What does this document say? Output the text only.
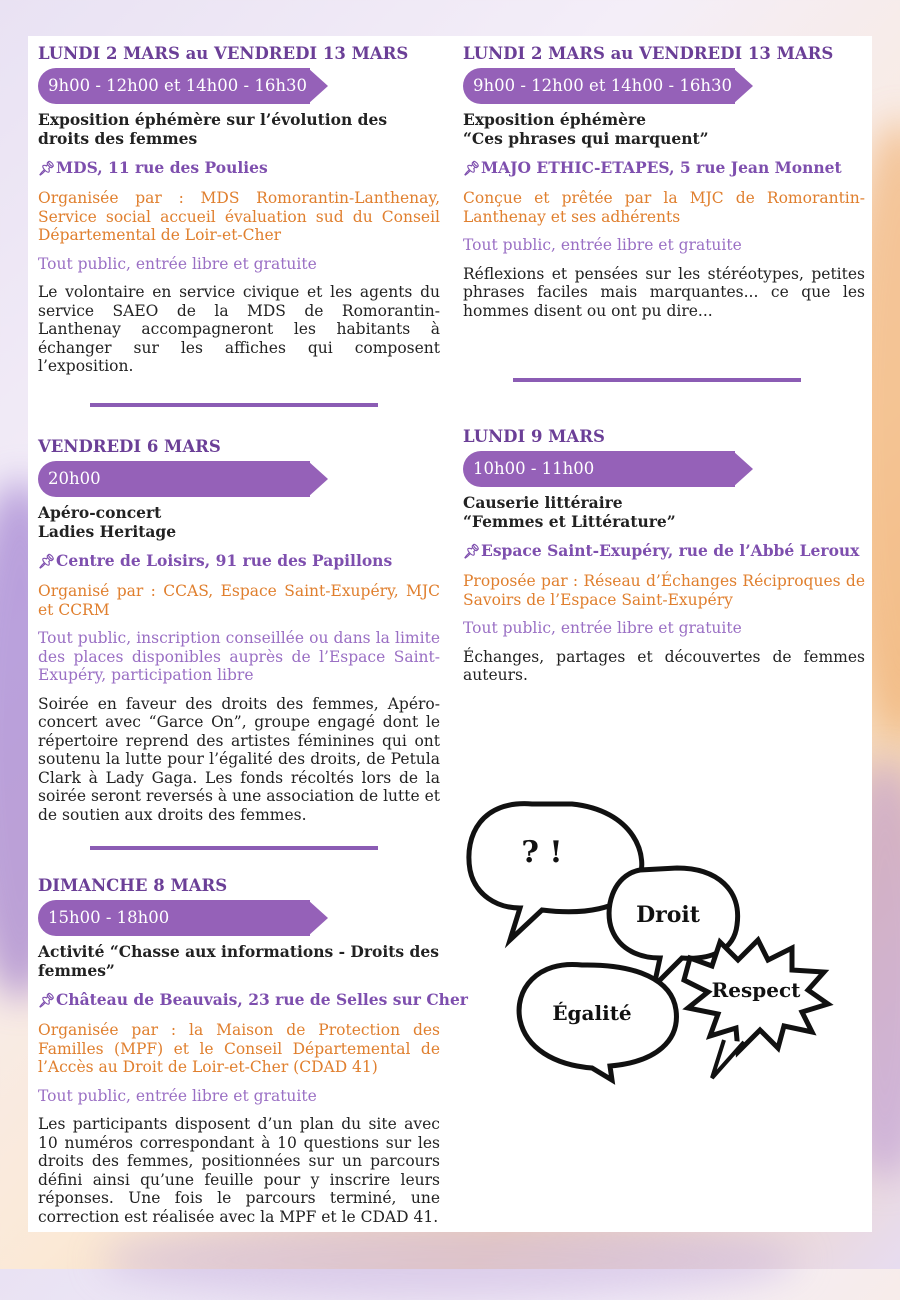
LUNDI 2 MARS au VENDREDI 13 MARS

9h00 - 12h00 et 14h00 - 16h30
Exposition éphémère sur l’évolution des droits des femmes
📌︎MDS, 11 rue des Poulies
Organisée par : MDS Romorantin-Lanthenay, Service social accueil évaluation sud du Conseil Départemental de Loir-et-Cher
Tout public, entrée libre et gratuite
Le volontaire en service civique et les agents du service SAEO de la MDS de Romorantin-Lanthenay accompagneront les habitants à échanger sur les affiches qui composent l’exposition.

VENDREDI 6 MARS

20h00
Apéro-concert
Ladies Heritage
📌︎Centre de Loisirs, 91 rue des Papillons
Organisé par : CCAS, Espace Saint-Exupéry, MJC et CCRM
Tout public, inscription conseillée ou dans la limite des places disponibles auprès de l’Espace Saint-Exupéry, participation libre
Soirée en faveur des droits des femmes, Apéro-concert avec “Garce On”, groupe engagé dont le répertoire reprend des artistes féminines qui ont soutenu la lutte pour l’égalité des droits, de Petula Clark à Lady Gaga. Les fonds récoltés lors de la soirée seront reversés à une association de lutte et de soutien aux droits des femmes.

DIMANCHE 8 MARS

15h00 - 18h00
Activité “Chasse aux informations - Droits des femmes”
📌︎Château de Beauvais, 23 rue de Selles sur Cher
Organisée par : la Maison de Protection des Familles (MPF) et le Conseil Départemental de l’Accès au Droit de Loir-et-Cher (CDAD 41)
Tout public, entrée libre et gratuite
Les participants disposent d’un plan du site avec 10 numéros correspondant à 10 questions sur les droits des femmes, positionnées sur un parcours défini ainsi qu’une feuille pour y inscrire leurs réponses. Une fois le parcours terminé, une correction est réalisée avec la MPF et le CDAD 41.

LUNDI 2 MARS au VENDREDI 13 MARS

9h00 - 12h00 et 14h00 - 16h30
Exposition éphémère
“Ces phrases qui marquent”
📌︎MAJO ETHIC-ETAPES, 5 rue Jean Monnet
Conçue et prêtée par la MJC de Romorantin-Lanthenay et ses adhérents
Tout public, entrée libre et gratuite
Réflexions et pensées sur les stéréotypes, petites phrases faciles mais marquantes... ce que les hommes disent ou ont pu dire...

LUNDI 9 MARS

10h00 - 11h00
Causerie littéraire
“Femmes et Littérature”
📌︎Espace Saint-Exupéry, rue de l’Abbé Leroux
Proposée par : Réseau d’Échanges Réciproques de Savoirs de l’Espace Saint-Exupéry
Tout public, entrée libre et gratuite
Échanges, partages et découvertes de femmes auteurs.
? !
Droit
Égalité
Respect
